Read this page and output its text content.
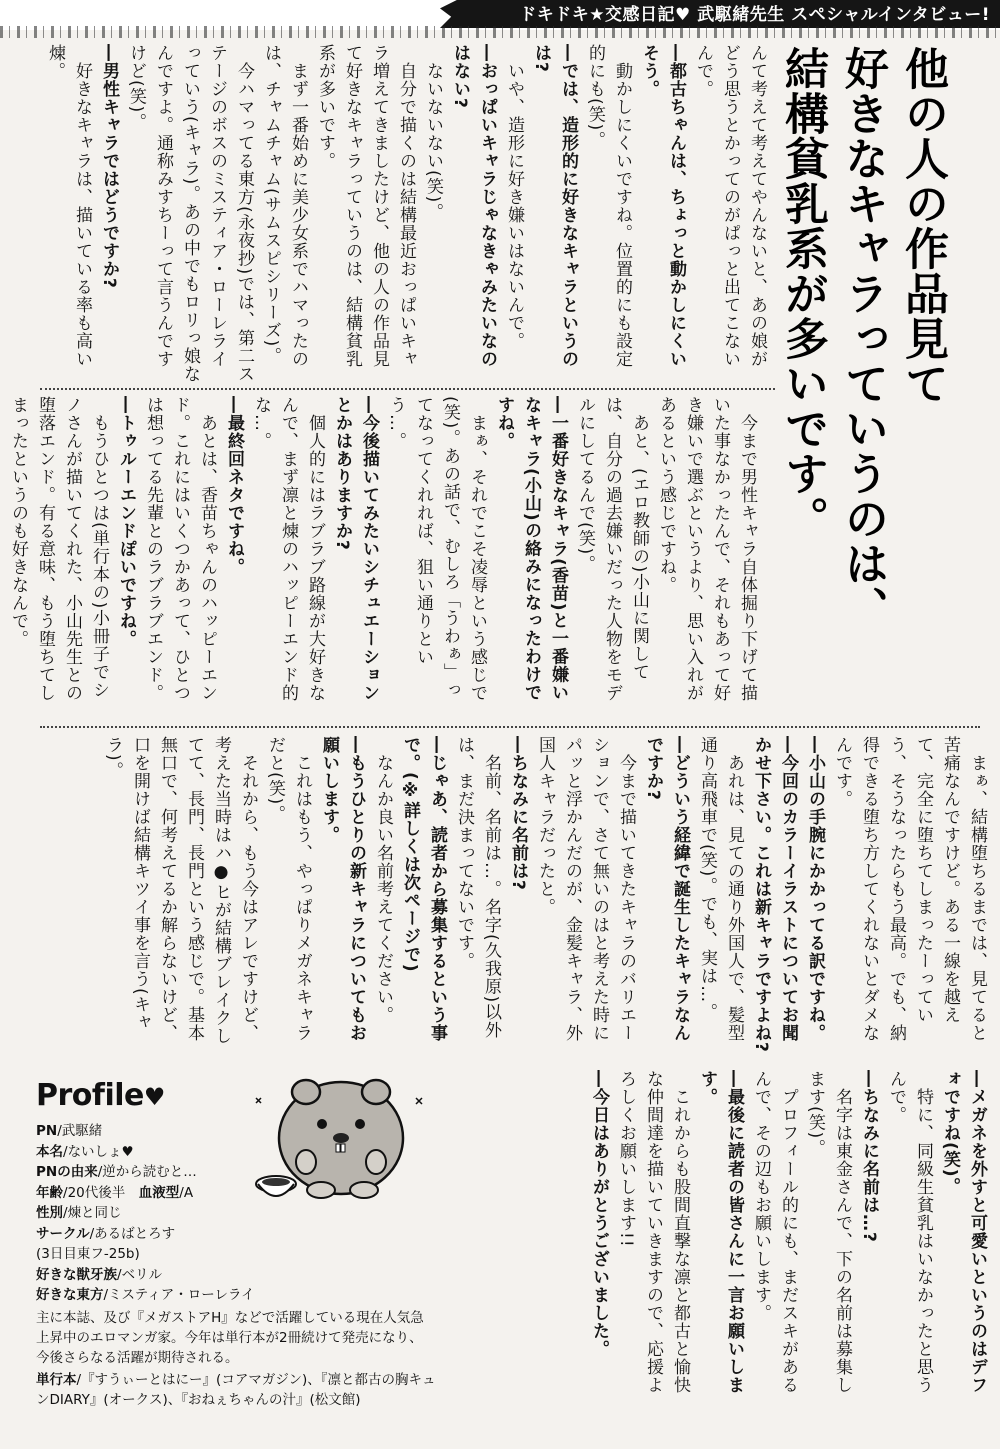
ドキドキ★交感日記♥ 武駆緒先生 スペシャルインタビュー!
他の人の作品見て
好きなキャラっていうのは、
結構貧乳系が多いです。

んて考えて考えてやんないと、あの娘がどう思うとかってのがぱっと出てこないんで。

―都古ちゃんは、ちょっと動かしにくいそう。

　動かしにくいですね。位置的にも設定的にも(笑)。

―では、造形的に好きなキャラというのは?

　いや、造形に好き嫌いはないんで。

―おっぱいキャラじゃなきゃみたいなのはない?

　ないないない(笑)。

　自分で描くのは結構最近おっぱいキャラ増えてきましたけど、他の人の作品見て好きなキャラっていうのは、結構貧乳系が多いです。

　まず一番始めに美少女系でハマったのは、チャムチャム(サムスピシリーズ)。

　今ハマってる東方(永夜抄)では、第二ステージのボスのミスティア・ローレライっていう(キャラ)。あの中でもロリっ娘なんですよ。通称みすちーって言うんですけど(笑)。

―男性キャラではどうですか?

　好きなキャラは、描いている率も高い煉。

　今まで男性キャラ自体掘り下げて描いた事なかったんで、それもあって好き嫌いで選ぶというより、思い入れがあるという感じですね。

　あと、(エロ教師の)小山に関しては、自分の過去嫌いだった人物をモデルにしてるんで(笑)。

―一番好きなキャラ(香苗)と一番嫌いなキャラ(小山)の絡みになったわけですね。

　まぁ、それでこそ凌辱という感じで(笑)。あの話で、むしろ「うわぁ」ってなってくれれば、狙い通りという…。

―今後描いてみたいシチュエーションとかはありますか?

　個人的にはラブラブ路線が大好きなんで、まず凛と煉のハッピーエンド的な…。

―最終回ネタですね。

　あとは、香苗ちゃんのハッピーエンド。これにはいくつかあって、ひとつは想ってる先輩とのラブラブエンド。

―トゥルーエンドぽいですね。

　もうひとつは(単行本の)小冊子でシノさんが描いてくれた、小山先生との堕落エンド。有る意味、もう堕ちてしまったというのも好きなんで。

　まぁ、結構堕ちるまでは、見てると苦痛なんですけど。ある一線を越えて、完全に堕ちてしまったーっていう、そうなったらもう最高。でも、納得できる堕ち方してくれないとダメなんです。

―小山の手腕にかかってる訳ですね。

―今回のカラーイラストについてお聞かせ下さい。これは新キャラですよね?

　あれは、見ての通り外国人で、髪型通り高飛車で(笑)。でも、実は…。

―どういう経緯で誕生したキャラなんですか?

　今まで描いてきたキャラのバリエーションで、さて無いのはと考えた時にパッと浮かんだのが、金髪キャラ、外国人キャラだったと。

―ちなみに名前は?

　名前、名前は…。名字(久我原)以外は、まだ決まってないです。

―じゃあ、読者から募集するという事で。(※詳しくは次ページで)

　なんか良い名前考えてください。

―もうひとりの新キャラについてもお願いします。

　これはもう、やっぱりメガネキャラだと(笑)。

　それから、もう今はアレですけど、考えた当時はハ●ヒが結構ブレイクしてて、長門、長門という感じで。基本無口で、何考えてるか解らないけど、口を開けば結構キツイ事を言う(キャラ)。

―メガネを外すと可愛いというのはデフォですね(笑)。

　特に、同級生貧乳はいなかったと思うんで。

―ちなみに名前は…?

　名字は東金さんで、下の名前は募集します(笑)。

　プロフィール的にも、まだスキがあるんで、その辺もお願いします。

―最後に読者の皆さんに一言お願いします。

　これからも股間直撃な凛と都古と愉快な仲間達を描いていきますので、応援よろしくお願いします!!

―今日はありがとうございました。

Profile♥
PN/武駆緒
本名/ないしょ♥
PNの由来/逆から読むと…
年齢/20代後半　 血液型/A
性別/煉と同じ
サークル/あるばとろす
(3日目東フ-25b)
好きな獣牙族/ベリル
好きな東方/ミスティア・ローレライ
主に本誌、及び『メガストアH』などで活躍している現在人気急上昇中のエロマンガ家。今年は単行本が2冊続けて発売になり、今後さらなる活躍が期待される。
単行本/『すうぃーとはにー』(コアマガジン)、『凛と都古の胸キュンDIARY』(オークス)、『おねぇちゃんの汁』(松文館)
